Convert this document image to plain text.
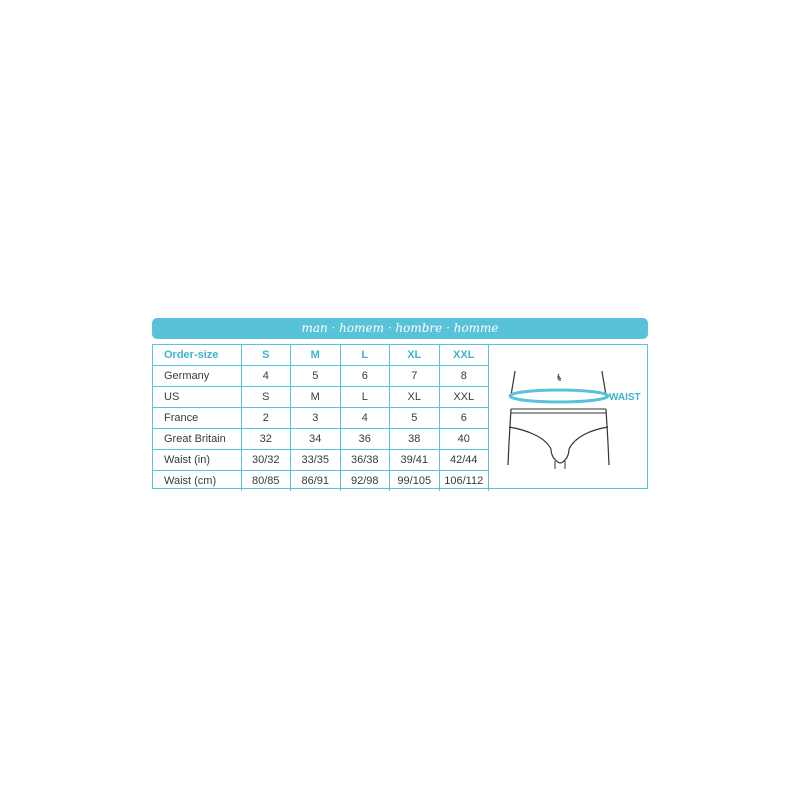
man · homem · hombre · homme
Order-size	S	M	L	XL	XXL
Germany	4	5	6	7	8
US	S	M	L	XL	XXL
France	2	3	4	5	6
Great Britain	32	34	36	38	40
Waist (in)	30/32	33/35	36/38	39/41	42/44
Waist (cm)	80/85	86/91	92/98	99/105	106/112
WAIST
